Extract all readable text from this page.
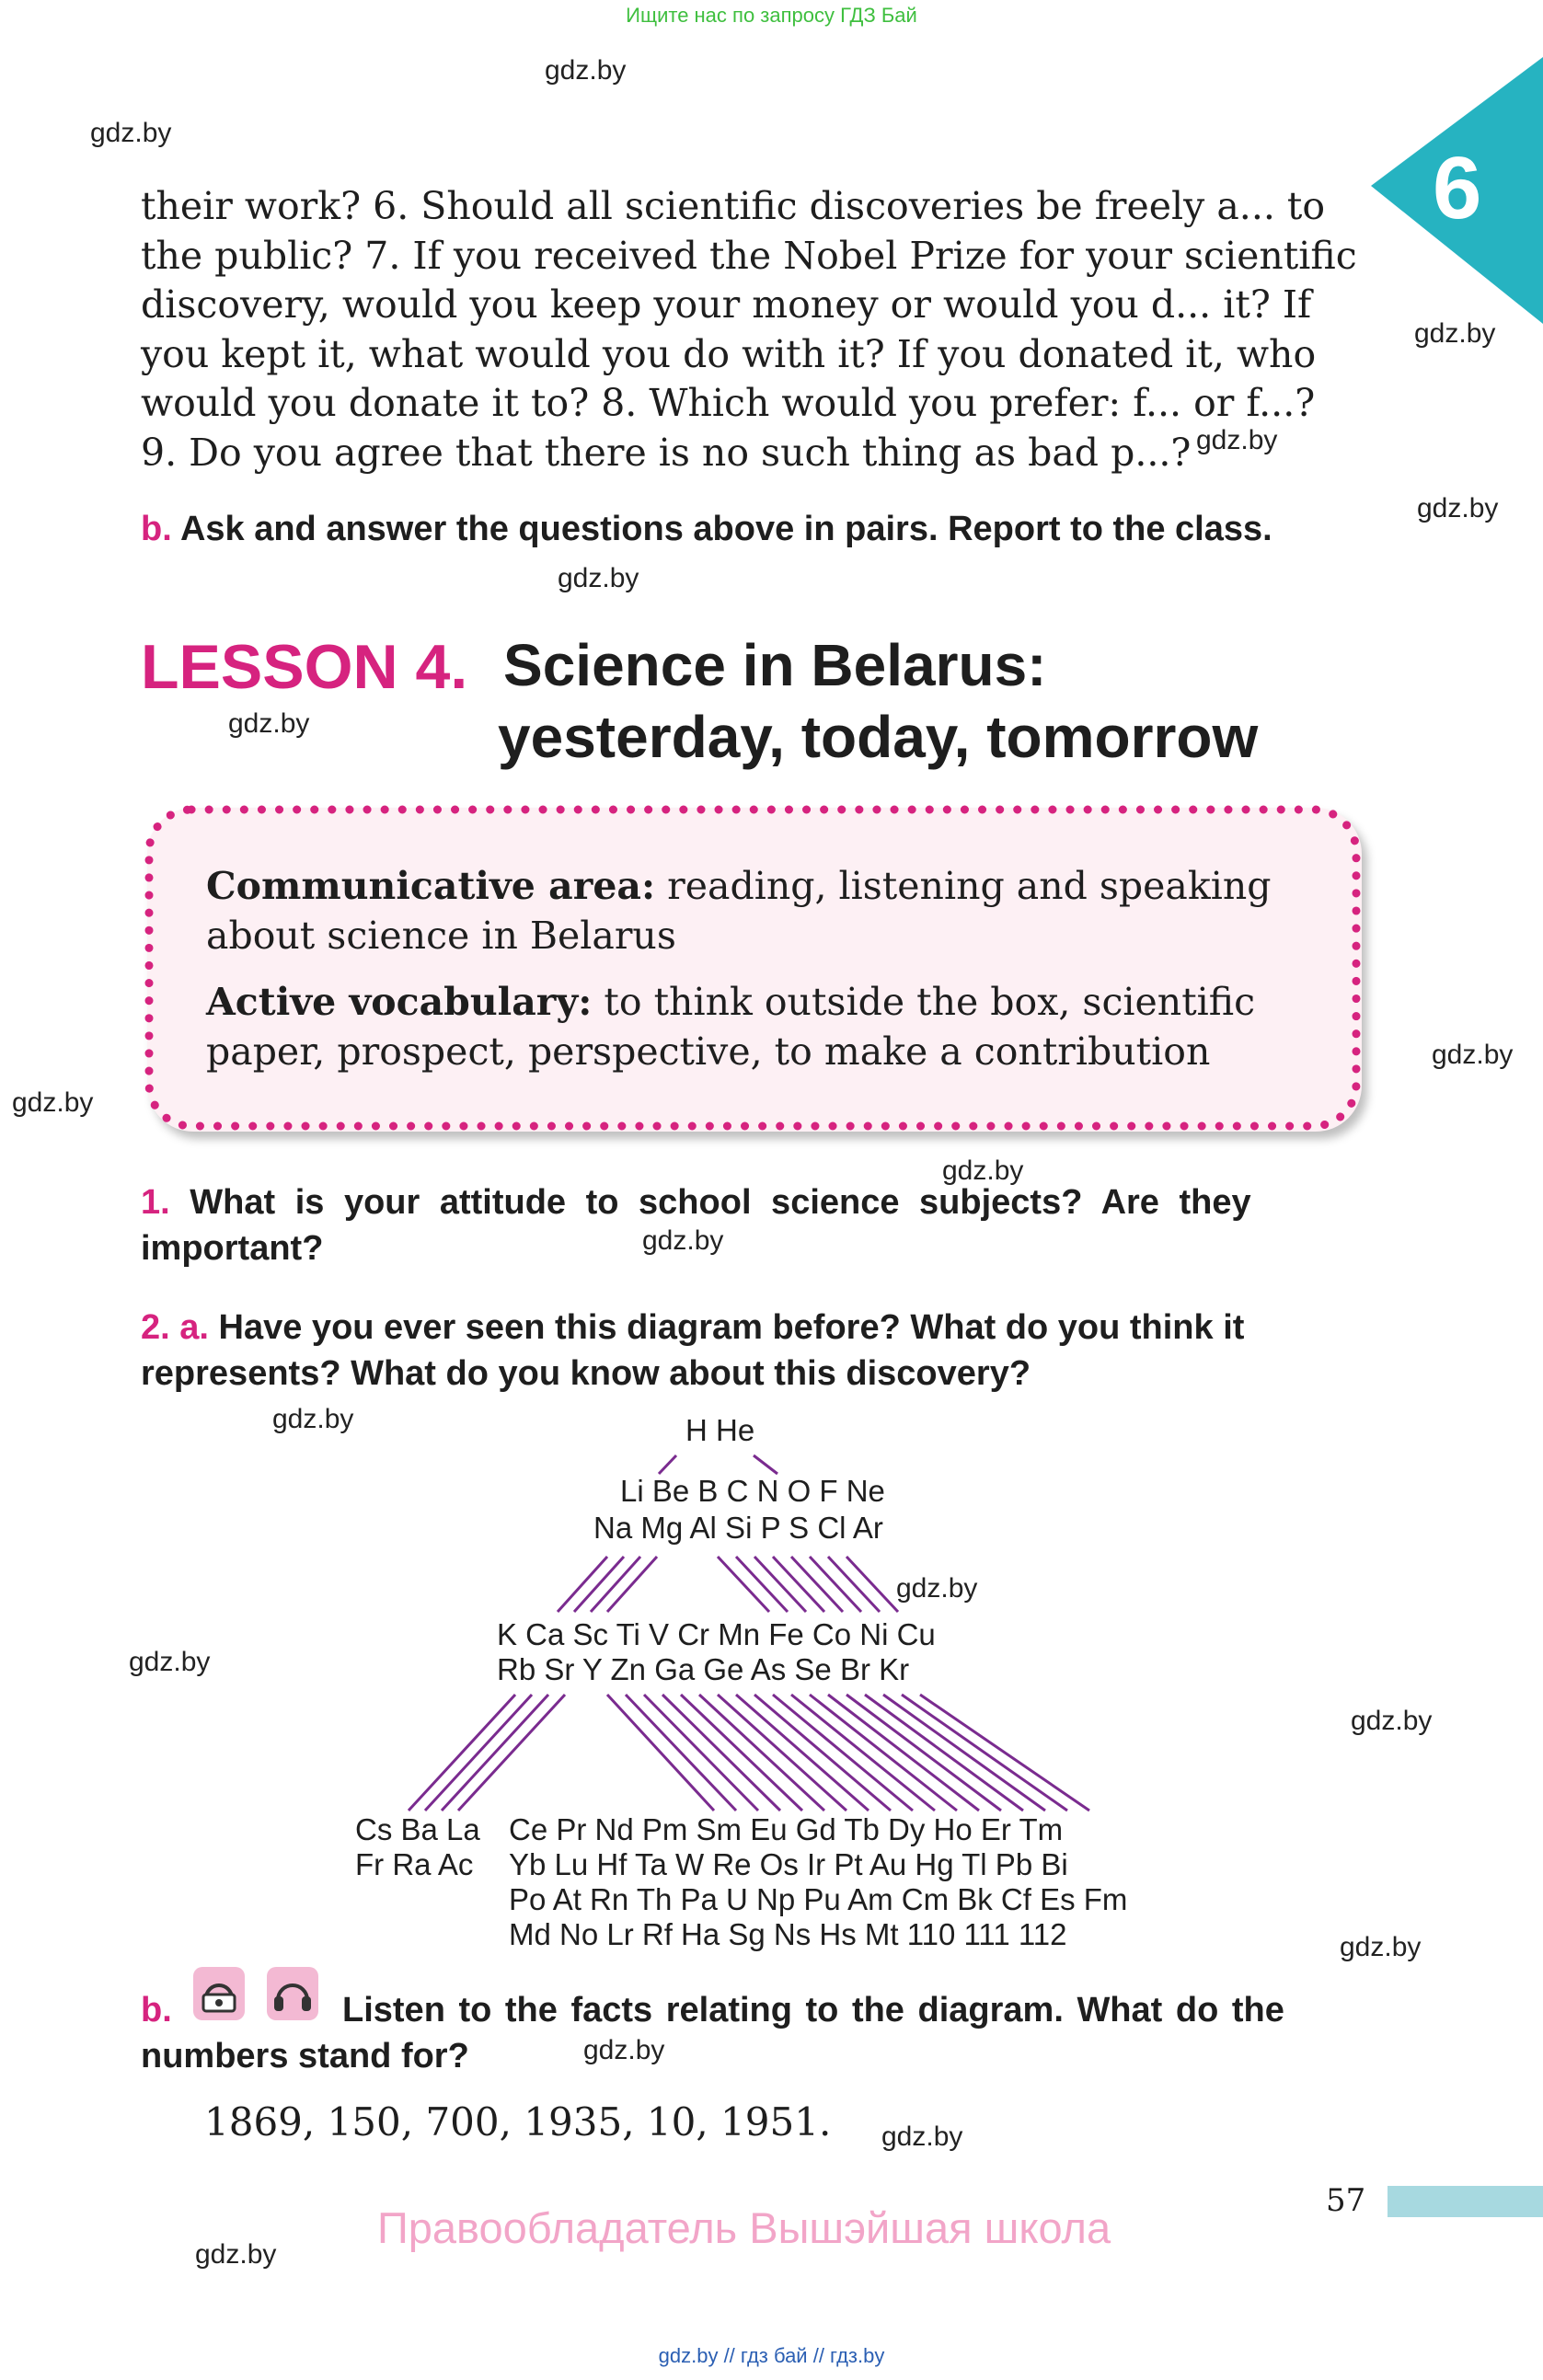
Ищите нас по запросу ГДЗ Бай
gdz.by
gdz.by
gdz.by
gdz.by
gdz.by
gdz.by
gdz.by
gdz.by
gdz.by
gdz.by
gdz.by
gdz.by
gdz.by
gdz.by
gdz.by
gdz.by
gdz.by
gdz.by
gdz.by
6
their work? 6. Should all scientific discoveries be freely a... to
the public? 7. If you received the Nobel Prize for your scientific
discovery, would you keep your money or would you d... it? If
you kept it, what would you do with it? If you donated it, who
would you donate it to? 8. Which would you prefer: f... or f...?
9. Do you agree that there is no such thing as bad p...?
b. Ask and answer the questions above in pairs. Report to the class.
LESSON 4. Science in Belarus:
yesterday, today, tomorrow
Communicative area: reading, listening and speaking
about science in Belarus
Active vocabulary: to think outside the box, scientific
paper, prospect, perspective, to make a contribution
1. What is your attitude to school science subjects? Are they
important?
2. a. Have you ever seen this diagram before? What do you think it
represents? What do you know about this discovery?
H He
Li Be B C N O F Ne
Na Mg Al Si P S Cl Ar
K Ca Sc Ti V Cr Mn Fe Co Ni Cu
Rb Sr Y Zn Ga Ge As Se Br Kr
Cs Ba La
Fr Ra Ac
Ce Pr Nd Pm Sm Eu Gd Tb Dy Ho Er Tm
Yb Lu Hf Ta W Re Os Ir Pt Au Hg Tl Pb Bi
Po At Rn Th Pa U Np Pu Am Cm Bk Cf Es Fm
Md No Lr Rf Ha Sg Ns Hs Mt 110 111 112
b.	Listen to the facts relating to the diagram. What do the
numbers stand for?
1869, 150, 700, 1935, 10, 1951.
57
Правообладатель Вышэйшая школа
gdz.by // гдз бай // гдз.by
